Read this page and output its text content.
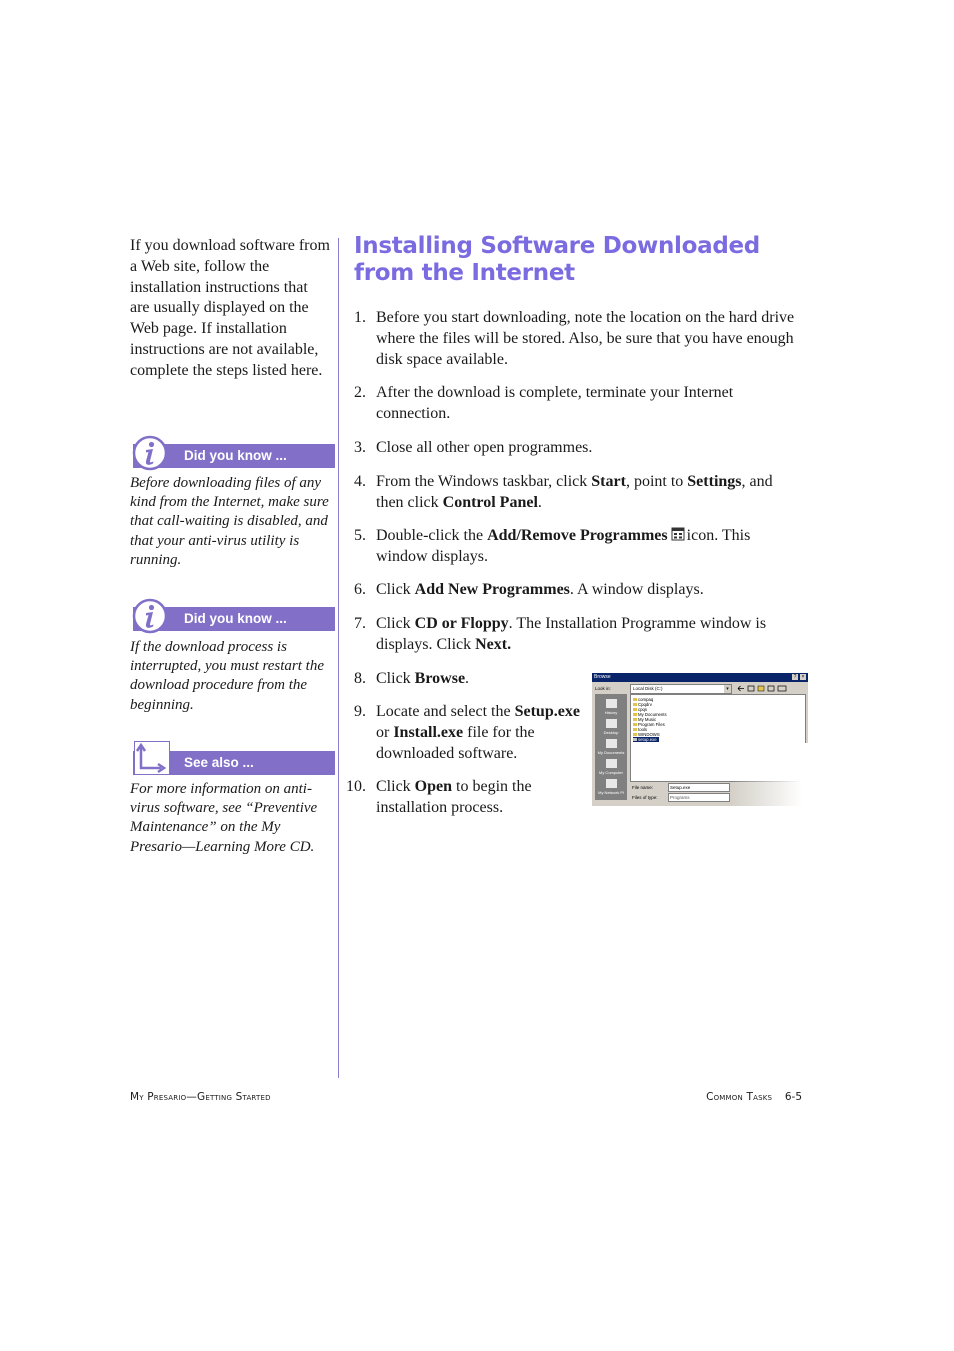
If you download software from a Web site, follow the installation instructions that are usually displayed on the Web page. If installation instructions are not available, complete the steps listed here.
Did you know ...
Before downloading files of any kind from the Internet, make sure that call-waiting is disabled, and that your anti-virus utility is running.
Did you know ...
If the download process is interrupted, you must restart the download procedure from the beginning.
See also ...
For more information on anti-virus software, see “Preventive Maintenance” on the My Presario—Learning More CD.
Installing Software Downloaded
from the Internet
1. Before you start downloading, note the location on the hard drive where the files will be stored. Also, be sure that you have enough disk space available.
2. After the download is complete, terminate your Internet connection.
3. Close all other open programmes.
4. From the Windows taskbar, click Start, point to Settings, and then click Control Panel.
5. Double-click the Add/Remove Programmes icon. This window displays.
6. Click Add New Programmes. A window displays.
7. Click CD or Floppy. The Installation Programme window is displays. Click Next.
8. Click Browse.
9. Locate and select the Setup.exe or Install.exe file for the downloaded software.
10. Click Open to begin the installation process.
Browse	?	×
Look in:	Local Disk (C:)	▾
History
Desktop
My Documents
My Computer
My Network Pl
compaq
Cpqdrv
cpqs
My Documents
My Music
Program Files
tools
WINDOWS
setup.exe
File name:	Setup.exe
Files of type:	Programs
My Presario—Getting Started	Common Tasks 6-5
